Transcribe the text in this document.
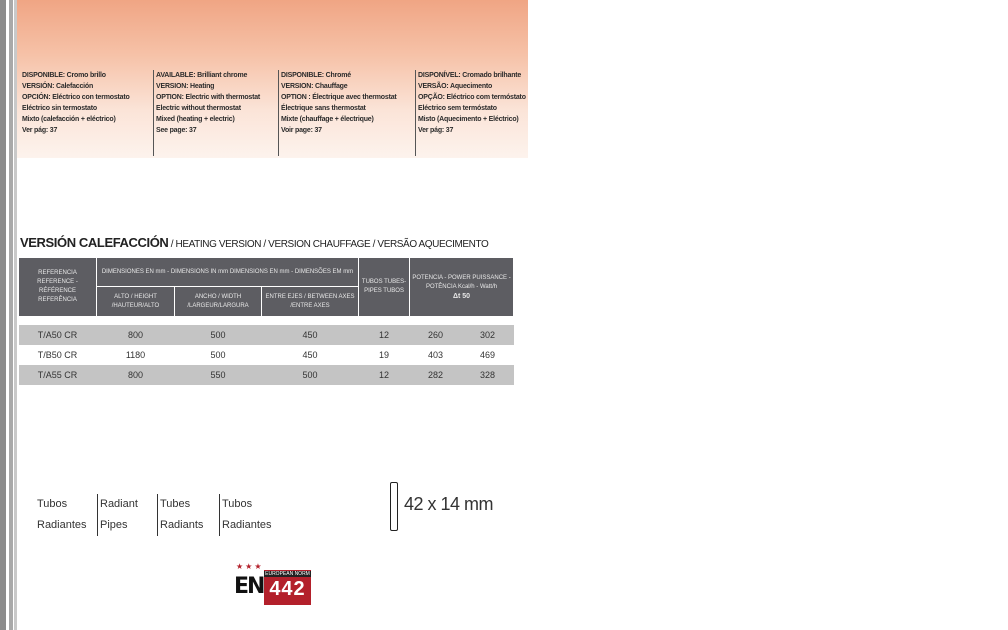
DISPONIBLE: Cromo brillo
VERSIÓN: Calefacción
OPCIÓN: Eléctrico con termostato
Eléctrico sin termostato
Mixto (calefacción + eléctrico)
Ver pág: 37
AVAILABLE: Brilliant chrome
VERSION: Heating
OPTION: Electric with thermostat
Electric without thermostat
Mixed (heating + electric)
See page: 37
DISPONIBLE: Chromé
VERSION: Chauffage
OPTION : Électrique avec thermostat
Électrique sans thermostat
Mixte (chauffage + électrique)
Voir page: 37
DISPONÍVEL: Cromado brilhante
VERSÃO: Aquecimento
OPÇÃO: Eléctrico com termóstato
Eléctrico sem termóstato
Misto (Aquecimento + Eléctrico)
Ver pág: 37
VERSIÓN CALEFACCIÓN / HEATING VERSION / VERSION CHAUFFAGE / VERSÃO AQUECIMENTO
REFERENCIA REFERENCE - RÉFÉRENCE REFERÊNCIA	DIMENSIONES EN mm - DIMENSIONS IN mm DIMENSIONS EN mm - DIMENSÕES EM mm			TUBOS TUBES-PIPES TUBOS	POTENCIA - POWER PUISSANCE - POTÊNCIA Kcal/h - Watt/h
Δt 50	

	ALTO / HEIGHT /HAUTEUR/ALTO	ANCHO / WIDTH /LARGEUR/LARGURA	ENTRE EJES / BETWEEN AXES /ENTRE AXES			

T/A50 CR	800	500	450	12	260	302
T/B50 CR	1180	500	450	19	403	469
T/A55 CR	800	550	500	12	282	328
Tubos
Radiantes
Radiant
Pipes
Tubes
Radiants
Tubos
Radiantes
42 x 14 mm
★★★
EN EUROPEAN NORM
442
